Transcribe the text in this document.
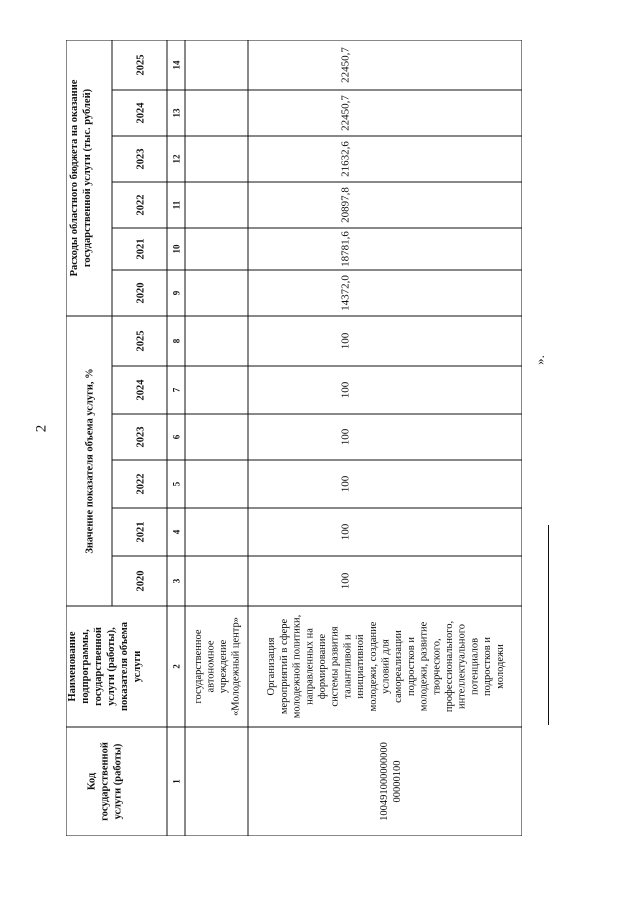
2
Код государственной услуги (работы)
Наименование подпрограммы, государственной услуги (работы), показателя объема услуги
Значение показателя объема услуги, %
Расходы областного бюджета на оказание государственной услуги (тыс. рублей)
2020
2020
2021
2021
2022
2022
2023
2023
2024
2024
2025
2025
1
2
3
4
5
6
7
8
9
10
11
12
13
14
государственное автономное учреждение «Молодежный центр»
100491000000000 00000100
Организация мероприятий в сфере молодежной политики, направленных на формирование системы развития талантливой и инициативной молодежи, создание условий для самореализации подростков и молодежи, развитие творческого, профессионального, интеллектуального потенциалов подростков и молодежи
100
14372,0
100
18781,6
100
20897,8
100
21632,6
100
22450,7
100
22450,7
».
